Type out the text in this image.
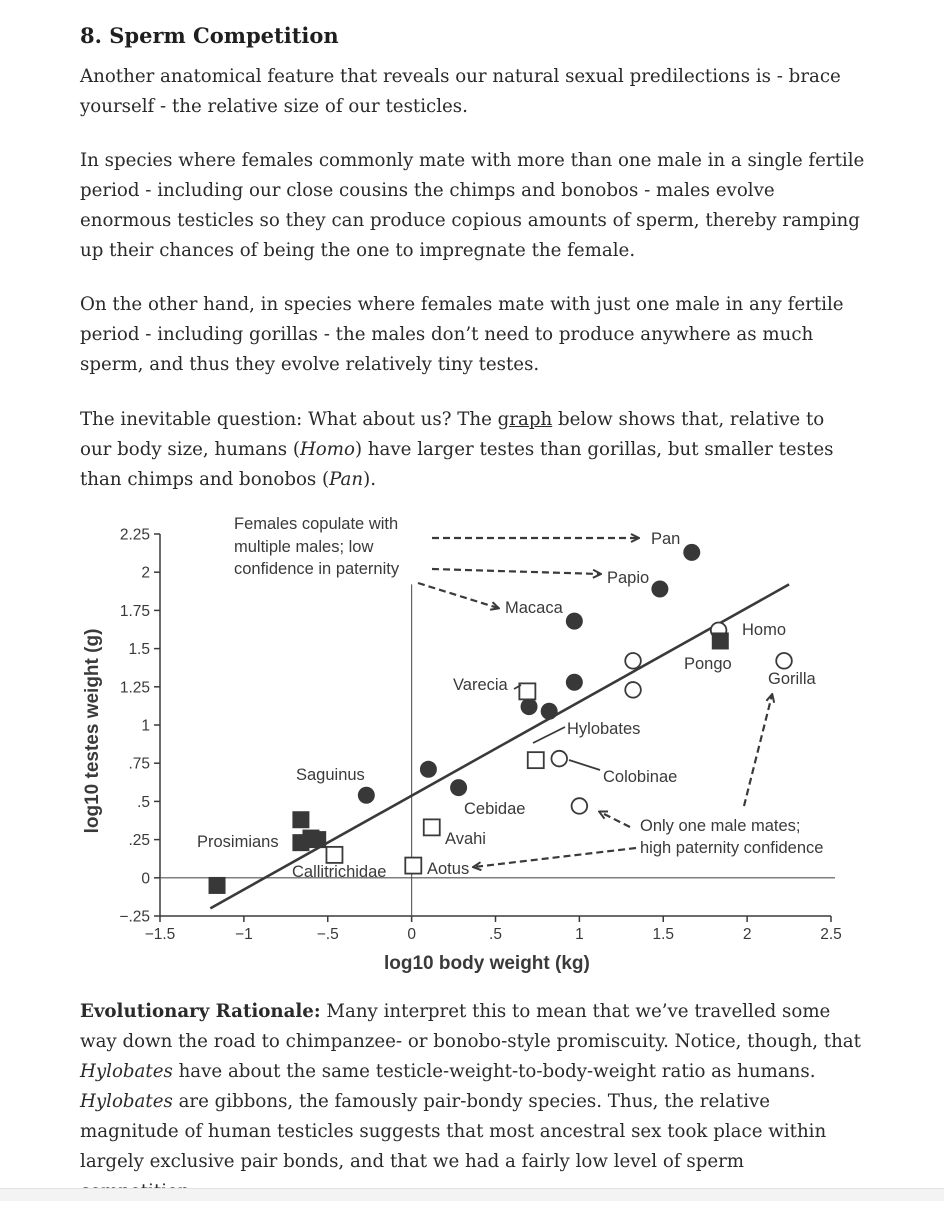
8. Sperm Competition

Another anatomical feature that reveals our natural sexual predilections is - brace yourself - the relative size of our testicles.

In species where females commonly mate with more than one male in a single fertile period - including our close cousins the chimps and bonobos - males evolve enormous testicles so they can produce copious amounts of sperm, thereby ramping up their chances of being the one to impregnate the female.

On the other hand, in species where females mate with just one male in any fertile period - including gorillas - the males don’t need to produce anywhere as much sperm, and thus they evolve relatively tiny testes.

The inevitable question: What about us? The graph below shows that, relative to our body size, humans (Homo) have larger testes than gorillas, but smaller testes than chimps and bonobos (Pan).

Evolutionary Rationale: Many interpret this to mean that we’ve travelled some way down the road to chimpanzee- or bonobo-style promiscuity. Notice, though, that Hylobates have about the same testicle-weight-to-body-weight ratio as humans. Hylobates are gibbons, the famously pair-bondy species. Thus, the relative magnitude of human testicles suggests that most ancestral sex took place within largely exclusive pair bonds, and that we had a fairly low level of sperm

−1.5	−1	−.5	0	.5	1	1.5	2	2.5
2.25
2
1.75
1.5
1.25
1
.75
.5
.25
0
−.25
Pan
Papio
Macaca
Homo
Pongo
Gorilla
Varecia
Hylobates
Colobinae
Saguinus
Cebidae
Prosimians	Avahi
Callitrichidae Aotus
Females copulate with
multiple males; low
confidence in paternity
Only one male mates;
high paternity confidence
log10 body weight (kg)
log10 testes weight (g)
